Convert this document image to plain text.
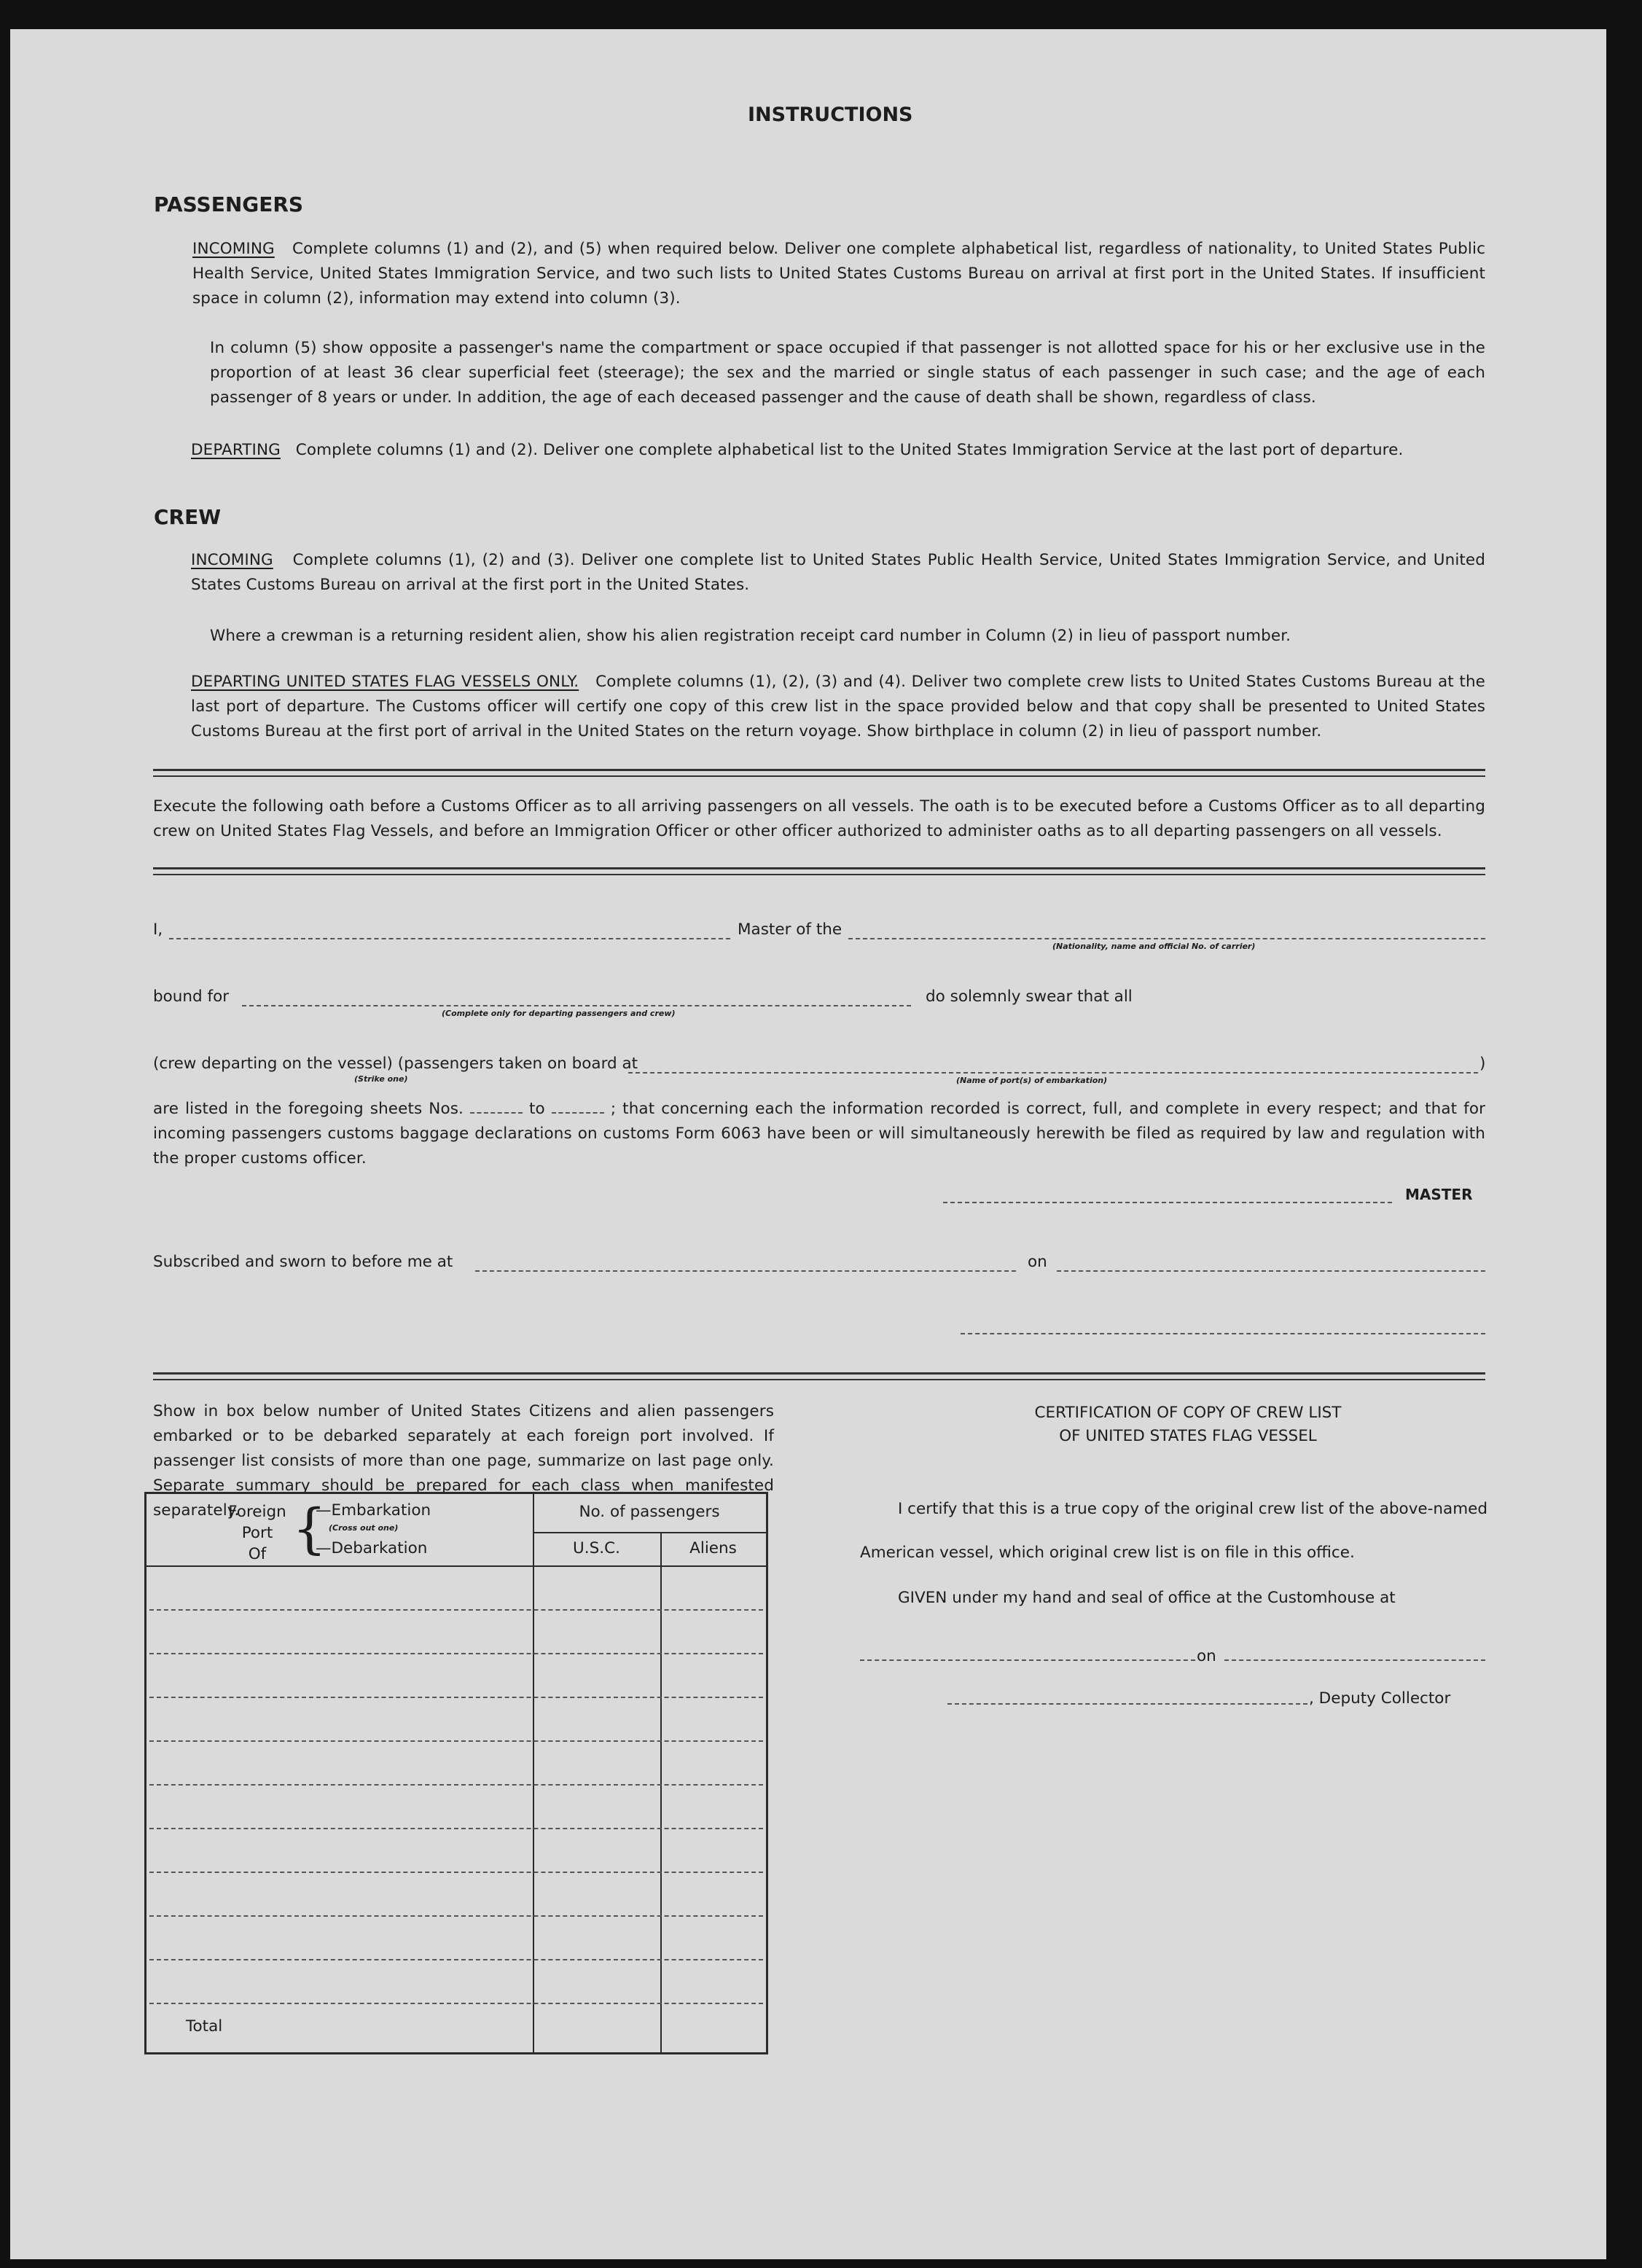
INSTRUCTIONS
PASSENGERS
INCOMING Complete columns (1) and (2), and (5) when required below. Deliver one complete alphabetical list, regardless of nationality, to United States Public Health Service, United States Immigration Service, and two such lists to United States Customs Bureau on arrival at first port in the United States. If insufficient space in column (2), information may extend into column (3).
In column (5) show opposite a passenger's name the compartment or space occupied if that passenger is not allotted space for his or her exclusive use in the proportion of at least 36 clear superficial feet (steerage); the sex and the married or single status of each passenger in such case; and the age of each passenger of 8 years or under. In addition, the age of each deceased passenger and the cause of death shall be shown, regardless of class.
DEPARTING Complete columns (1) and (2). Deliver one complete alphabetical list to the United States Immigration Service at the last port of departure.
CREW
INCOMING Complete columns (1), (2) and (3). Deliver one complete list to United States Public Health Service, United States Immigration Service, and United States Customs Bureau on arrival at the first port in the United States.
Where a crewman is a returning resident alien, show his alien registration receipt card number in Column (2) in lieu of passport number.
DEPARTING UNITED STATES FLAG VESSELS ONLY. Complete columns (1), (2), (3) and (4). Deliver two complete crew lists to United States Customs Bureau at the last port of departure. The Customs officer will certify one copy of this crew list in the space provided below and that copy shall be presented to United States Customs Bureau at the first port of arrival in the United States on the return voyage. Show birthplace in column (2) in lieu of passport number.
Execute the following oath before a Customs Officer as to all arriving passengers on all vessels. The oath is to be executed before a Customs Officer as to all departing crew on United States Flag Vessels, and before an Immigration Officer or other officer authorized to administer oaths as to all departing passengers on all vessels.
I,	Master of the
(Nationality, name and official No. of carrier)
bound for
(Complete only for departing passengers and crew)
do solemnly swear that all
(crew departing on the vessel) (passengers taken on board at
(Strike one)	(Name of port(s) of embarkation)
)
are listed in the foregoing sheets Nos.	to	; that concerning each the information recorded is correct, full, and complete in every respect; and that for incoming passengers customs baggage declarations on customs Form 6063 have been or will simultaneously herewith be filed as required by law and regulation with the proper customs officer.
MASTER
Subscribed and sworn to before me at	on
Show in box below number of United States Citizens and alien passengers embarked or to be debarked separately at each foreign port involved. If passenger list consists of more than one page, summarize on last page only. Separate summary should be prepared for each class when manifested separately.
Foreign
Port
Of {
—Embarkation
(Cross out one)
—Debarkation
No. of passengers
U.S.C.	Aliens
Total
CERTIFICATION OF COPY OF CREW LIST
OF UNITED STATES FLAG VESSEL
I certify that this is a true copy of the original crew list of the above-named
American vessel, which original crew list is on file in this office.
GIVEN under my hand and seal of office at the Customhouse at
on
, Deputy Collector
